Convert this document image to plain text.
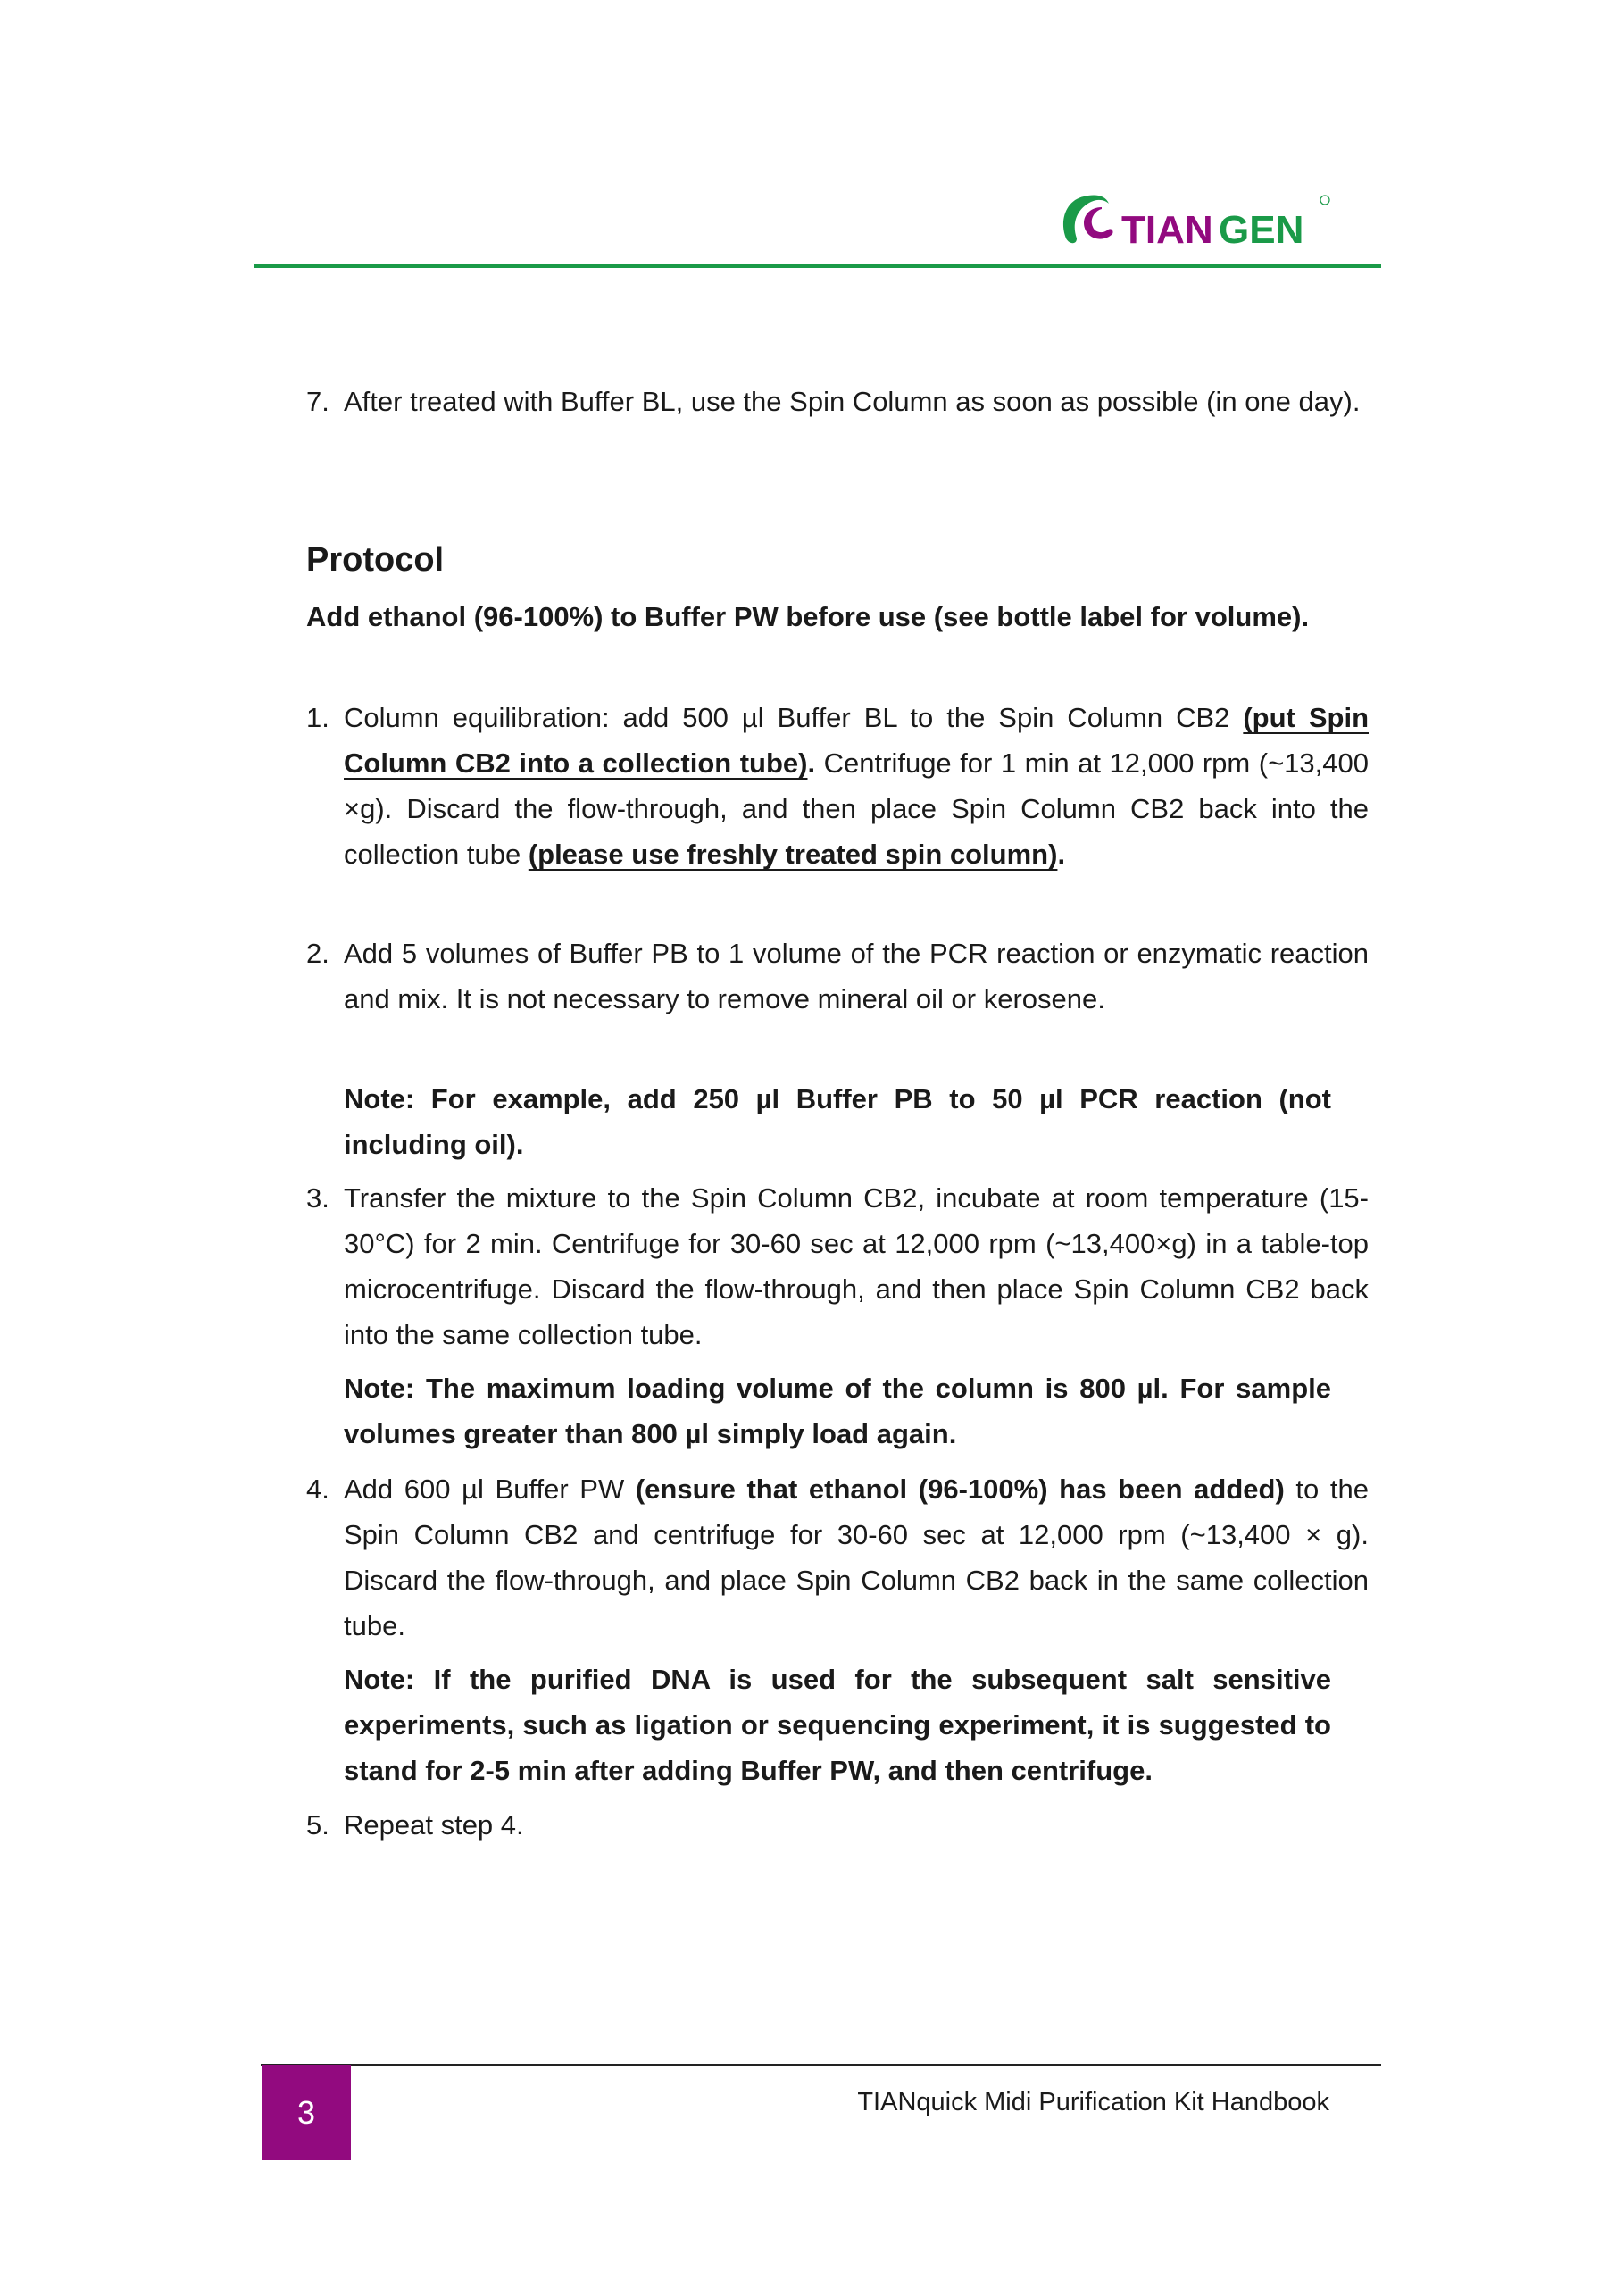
TIAN GEN
7. After treated with Buffer BL, use the Spin Column as soon as possible (in one day).
Protocol
Add ethanol (96-100%) to Buffer PW before use (see bottle label for volume).
1. Column equilibration: add 500 µl Buffer BL to the Spin Column CB2 (put Spin Column CB2 into a collection tube). Centrifuge for 1 min at 12,000 rpm (~13,400 ×g). Discard the flow-through, and then place Spin Column CB2 back into the collection tube (please use freshly treated spin column).
2. Add 5 volumes of Buffer PB to 1 volume of the PCR reaction or enzymatic reaction and mix. It is not necessary to remove mineral oil or kerosene.
Note: For example, add 250 µl Buffer PB to 50 µl PCR reaction (not including oil).
3. Transfer the mixture to the Spin Column CB2, incubate at room temperature (15-30°C) for 2 min. Centrifuge for 30-60 sec at 12,000 rpm (~13,400×g) in a table-top microcentrifuge. Discard the flow-through, and then place Spin Column CB2 back into the same collection tube.
Note: The maximum loading volume of the column is 800 µl. For sample volumes greater than 800 µl simply load again.
4. Add 600 µl Buffer PW (ensure that ethanol (96-100%) has been added) to the Spin Column CB2 and centrifuge for 30-60 sec at 12,000 rpm (~13,400 × g). Discard the flow-through, and place Spin Column CB2 back in the same collection tube.
Note: If the purified DNA is used for the subsequent salt sensitive experiments, such as ligation or sequencing experiment, it is suggested to stand for 2-5 min after adding Buffer PW, and then centrifuge.
5. Repeat step 4.
3	TIANquick Midi Purification Kit Handbook
